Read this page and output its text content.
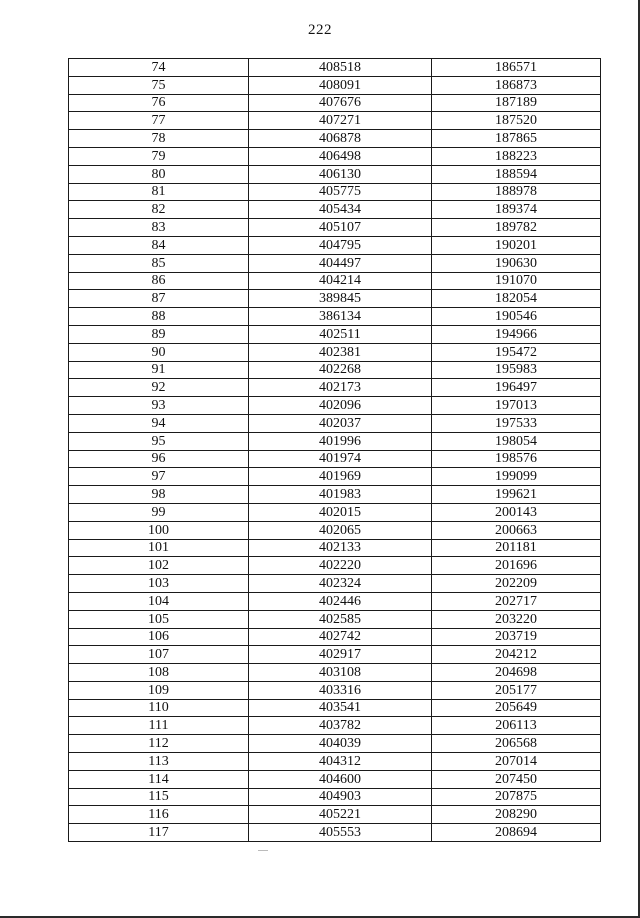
222
74	408518	186571
75	408091	186873
76	407676	187189
77	407271	187520
78	406878	187865
79	406498	188223
80	406130	188594
81	405775	188978
82	405434	189374
83	405107	189782
84	404795	190201
85	404497	190630
86	404214	191070
87	389845	182054
88	386134	190546
89	402511	194966
90	402381	195472
91	402268	195983
92	402173	196497
93	402096	197013
94	402037	197533
95	401996	198054
96	401974	198576
97	401969	199099
98	401983	199621
99	402015	200143
100	402065	200663
101	402133	201181
102	402220	201696
103	402324	202209
104	402446	202717
105	402585	203220
106	402742	203719
107	402917	204212
108	403108	204698
109	403316	205177
110	403541	205649
111	403782	206113
112	404039	206568
113	404312	207014
114	404600	207450
115	404903	207875
116	405221	208290
117	405553	208694
